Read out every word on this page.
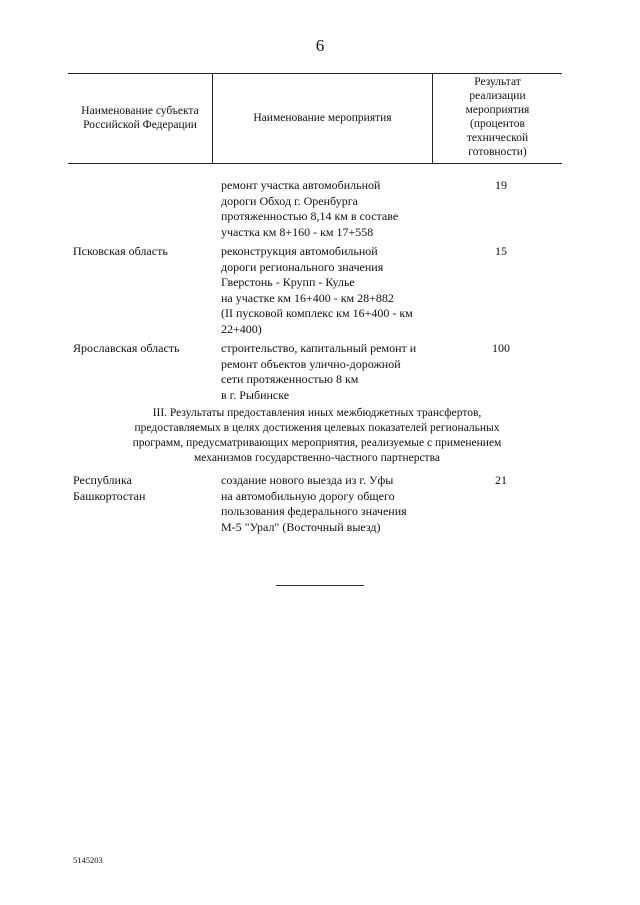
6
Наименование субъекта
Российской Федерации
Наименование мероприятия
Результат
реализации
мероприятия
(процентов
технической
готовности)
ремонт участка автомобильной
дороги Обход г. Оренбурга
протяженностью 8,14 км в составе
участка км 8+160 - км 17+558
19
Псковская область	реконструкция автомобильной
дороги регионального значения
Гверстонь - Крупп - Кулье
на участке км 16+400 - км 28+882
(II пусковой комплекс км 16+400 - км
22+400)
15
Ярославская область	строительство, капитальный ремонт и
ремонт объектов улично-дорожной
сети протяженностью 8 км
в г. Рыбинске
100
III. Результаты предоставления иных межбюджетных трансфертов,
предоставляемых в целях достижения целевых показателей региональных
программ, предусматривающих мероприятия, реализуемые с применением
механизмов государственно-частного партнерства
Республика
Башкортостан
создание нового выезда из г. Уфы
на автомобильную дорогу общего
пользования федерального значения
М-5 "Урал" (Восточный выезд)
21
5145203
